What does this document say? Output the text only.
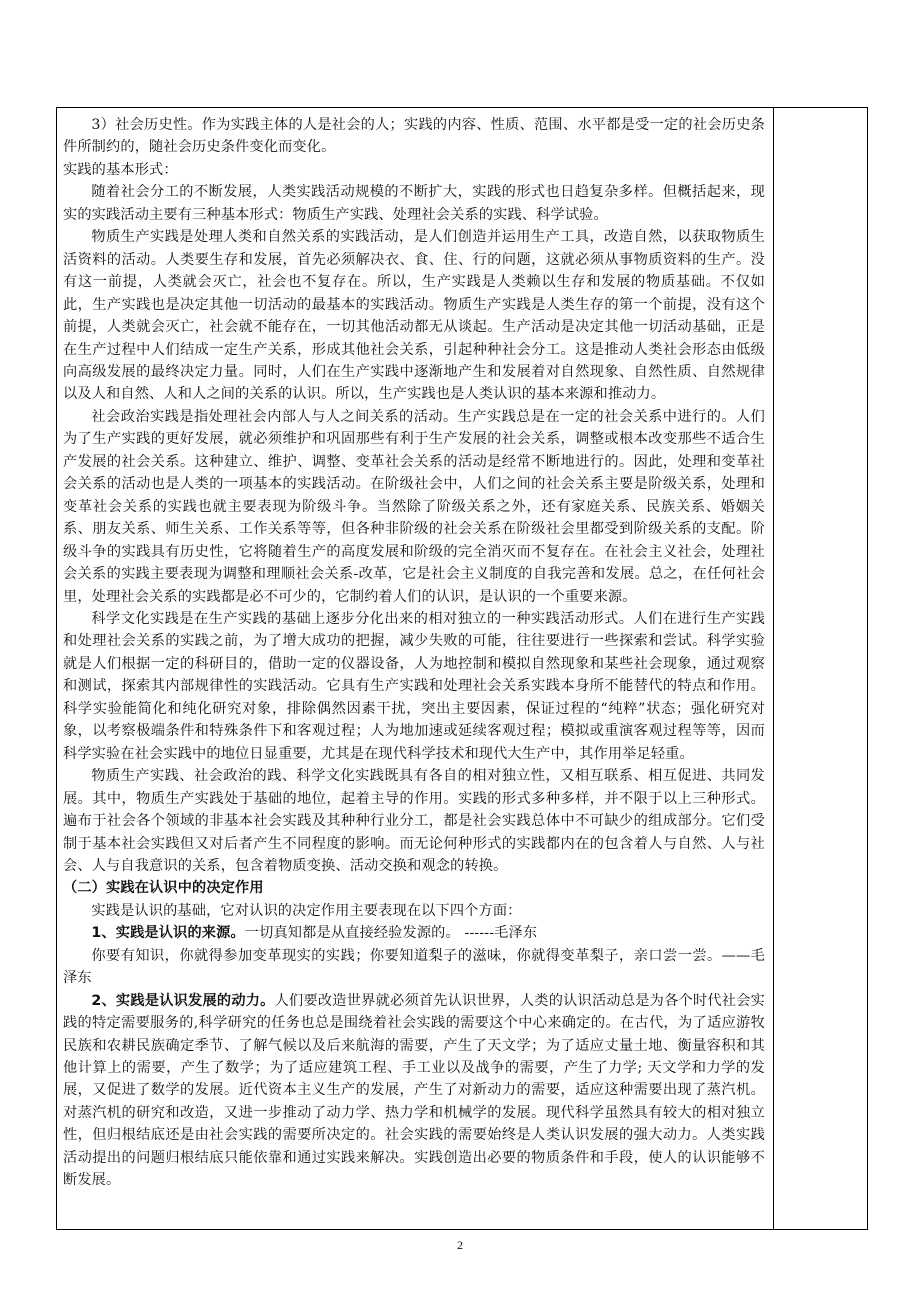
3）社会历史性。作为实践主体的人是社会的人；实践的内容、性质、范围、水平都是受一定的社会历史条件所制约的，随社会历史条件变化而变化。

实践的基本形式：

随着社会分工的不断发展，人类实践活动规模的不断扩大，实践的形式也日趋复杂多样。但概括起来，现实的实践活动主要有三种基本形式：物质生产实践、处理社会关系的实践、科学试验。

物质生产实践是处理人类和自然关系的实践活动，是人们创造并运用生产工具，改造自然，以获取物质生活资料的活动。人类要生存和发展，首先必须解决衣、食、住、行的问题，这就必须从事物质资料的生产。没有这一前提，人类就会灭亡，社会也不复存在。所以，生产实践是人类赖以生存和发展的物质基础。不仅如此，生产实践也是决定其他一切活动的最基本的实践活动。物质生产实践是人类生存的第一个前提，没有这个前提，人类就会灭亡，社会就不能存在，一切其他活动都无从谈起。生产活动是决定其他一切活动基础，正是在生产过程中人们结成一定生产关系，形成其他社会关系，引起种种社会分工。这是推动人类社会形态由低级向高级发展的最终决定力量。同时，人们在生产实践中逐渐地产生和发展着对自然现象、自然性质、自然规律以及人和自然、人和人之间的关系的认识。所以，生产实践也是人类认识的基本来源和推动力。

社会政治实践是指处理社会内部人与人之间关系的活动。生产实践总是在一定的社会关系中进行的。人们为了生产实践的更好发展，就必须维护和巩固那些有利于生产发展的社会关系，调整或根本改变那些不适合生产发展的社会关系。这种建立、维护、调整、变革社会关系的活动是经常不断地进行的。因此，处理和变革社会关系的活动也是人类的一项基本的实践活动。在阶级社会中，人们之间的社会关系主要是阶级关系，处理和变革社会关系的实践也就主要表现为阶级斗争。当然除了阶级关系之外，还有家庭关系、民族关系、婚姻关系、朋友关系、师生关系、工作关系等等，但各种非阶级的社会关系在阶级社会里都受到阶级关系的支配。阶级斗争的实践具有历史性，它将随着生产的高度发展和阶级的完全消灭而不复存在。在社会主义社会，处理社会关系的实践主要表现为调整和理顺社会关系-改革，它是社会主义制度的自我完善和发展。总之，在任何社会里，处理社会关系的实践都是必不可少的，它制约着人们的认识，是认识的一个重要来源。

科学文化实践是在生产实践的基础上逐步分化出来的相对独立的一种实践活动形式。人们在进行生产实践和处理社会关系的实践之前，为了增大成功的把握，减少失败的可能，往往要进行一些探索和尝试。科学实验就是人们根据一定的科研目的，借助一定的仪器设备，人为地控制和模拟自然现象和某些社会现象，通过观察和测试，探索其内部规律性的实践活动。它具有生产实践和处理社会关系实践本身所不能替代的特点和作用。科学实验能简化和纯化研究对象，排除偶然因素干扰，突出主要因素，保证过程的“纯粹”状态；强化研究对象，以考察极端条件和特殊条件下和客观过程；人为地加速或延续客观过程；模拟或重演客观过程等等，因而科学实验在社会实践中的地位日显重要，尤其是在现代科学技术和现代大生产中，其作用举足轻重。

物质生产实践、社会政治的践、科学文化实践既具有各自的相对独立性，又相互联系、相互促进、共同发展。其中，物质生产实践处于基础的地位，起着主导的作用。实践的形式多种多样，并不限于以上三种形式。遍布于社会各个领域的非基本社会实践及其种种行业分工，都是社会实践总体中不可缺少的组成部分。它们受制于基本社会实践但又对后者产生不同程度的影响。而无论何种形式的实践都内在的包含着人与自然、人与社会、人与自我意识的关系，包含着物质变换、活动交换和观念的转换。

（二）实践在认识中的决定作用

实践是认识的基础，它对认识的决定作用主要表现在以下四个方面：

1、实践是认识的来源。一切真知都是从直接经验发源的。 ------毛泽东

你要有知识，你就得参加变革现实的实践；你要知道梨子的滋味，你就得变革梨子，亲口尝一尝。——毛泽东

2、实践是认识发展的动力。人们要改造世界就必须首先认识世界，人类的认识活动总是为各个时代社会实践的特定需要服务的,科学研究的任务也总是围绕着社会实践的需要这个中心来确定的。在古代，为了适应游牧民族和农耕民族确定季节、了解气候以及后来航海的需要，产生了天文学；为了适应丈量土地、衡量容积和其他计算上的需要，产生了数学；为了适应建筑工程、手工业以及战争的需要，产生了力学; 天文学和力学的发展，又促进了数学的发展。近代资本主义生产的发展，产生了对新动力的需要，适应这种需要出现了蒸汽机。对蒸汽机的研究和改造，又进一步推动了动力学、热力学和机械学的发展。现代科学虽然具有较大的相对独立性，但归根结底还是由社会实践的需要所决定的。社会实践的需要始终是人类认识发展的强大动力。人类实践活动提出的问题归根结底只能依靠和通过实践来解决。实践创造出必要的物质条件和手段，使人的认识能够不断发展。

2
